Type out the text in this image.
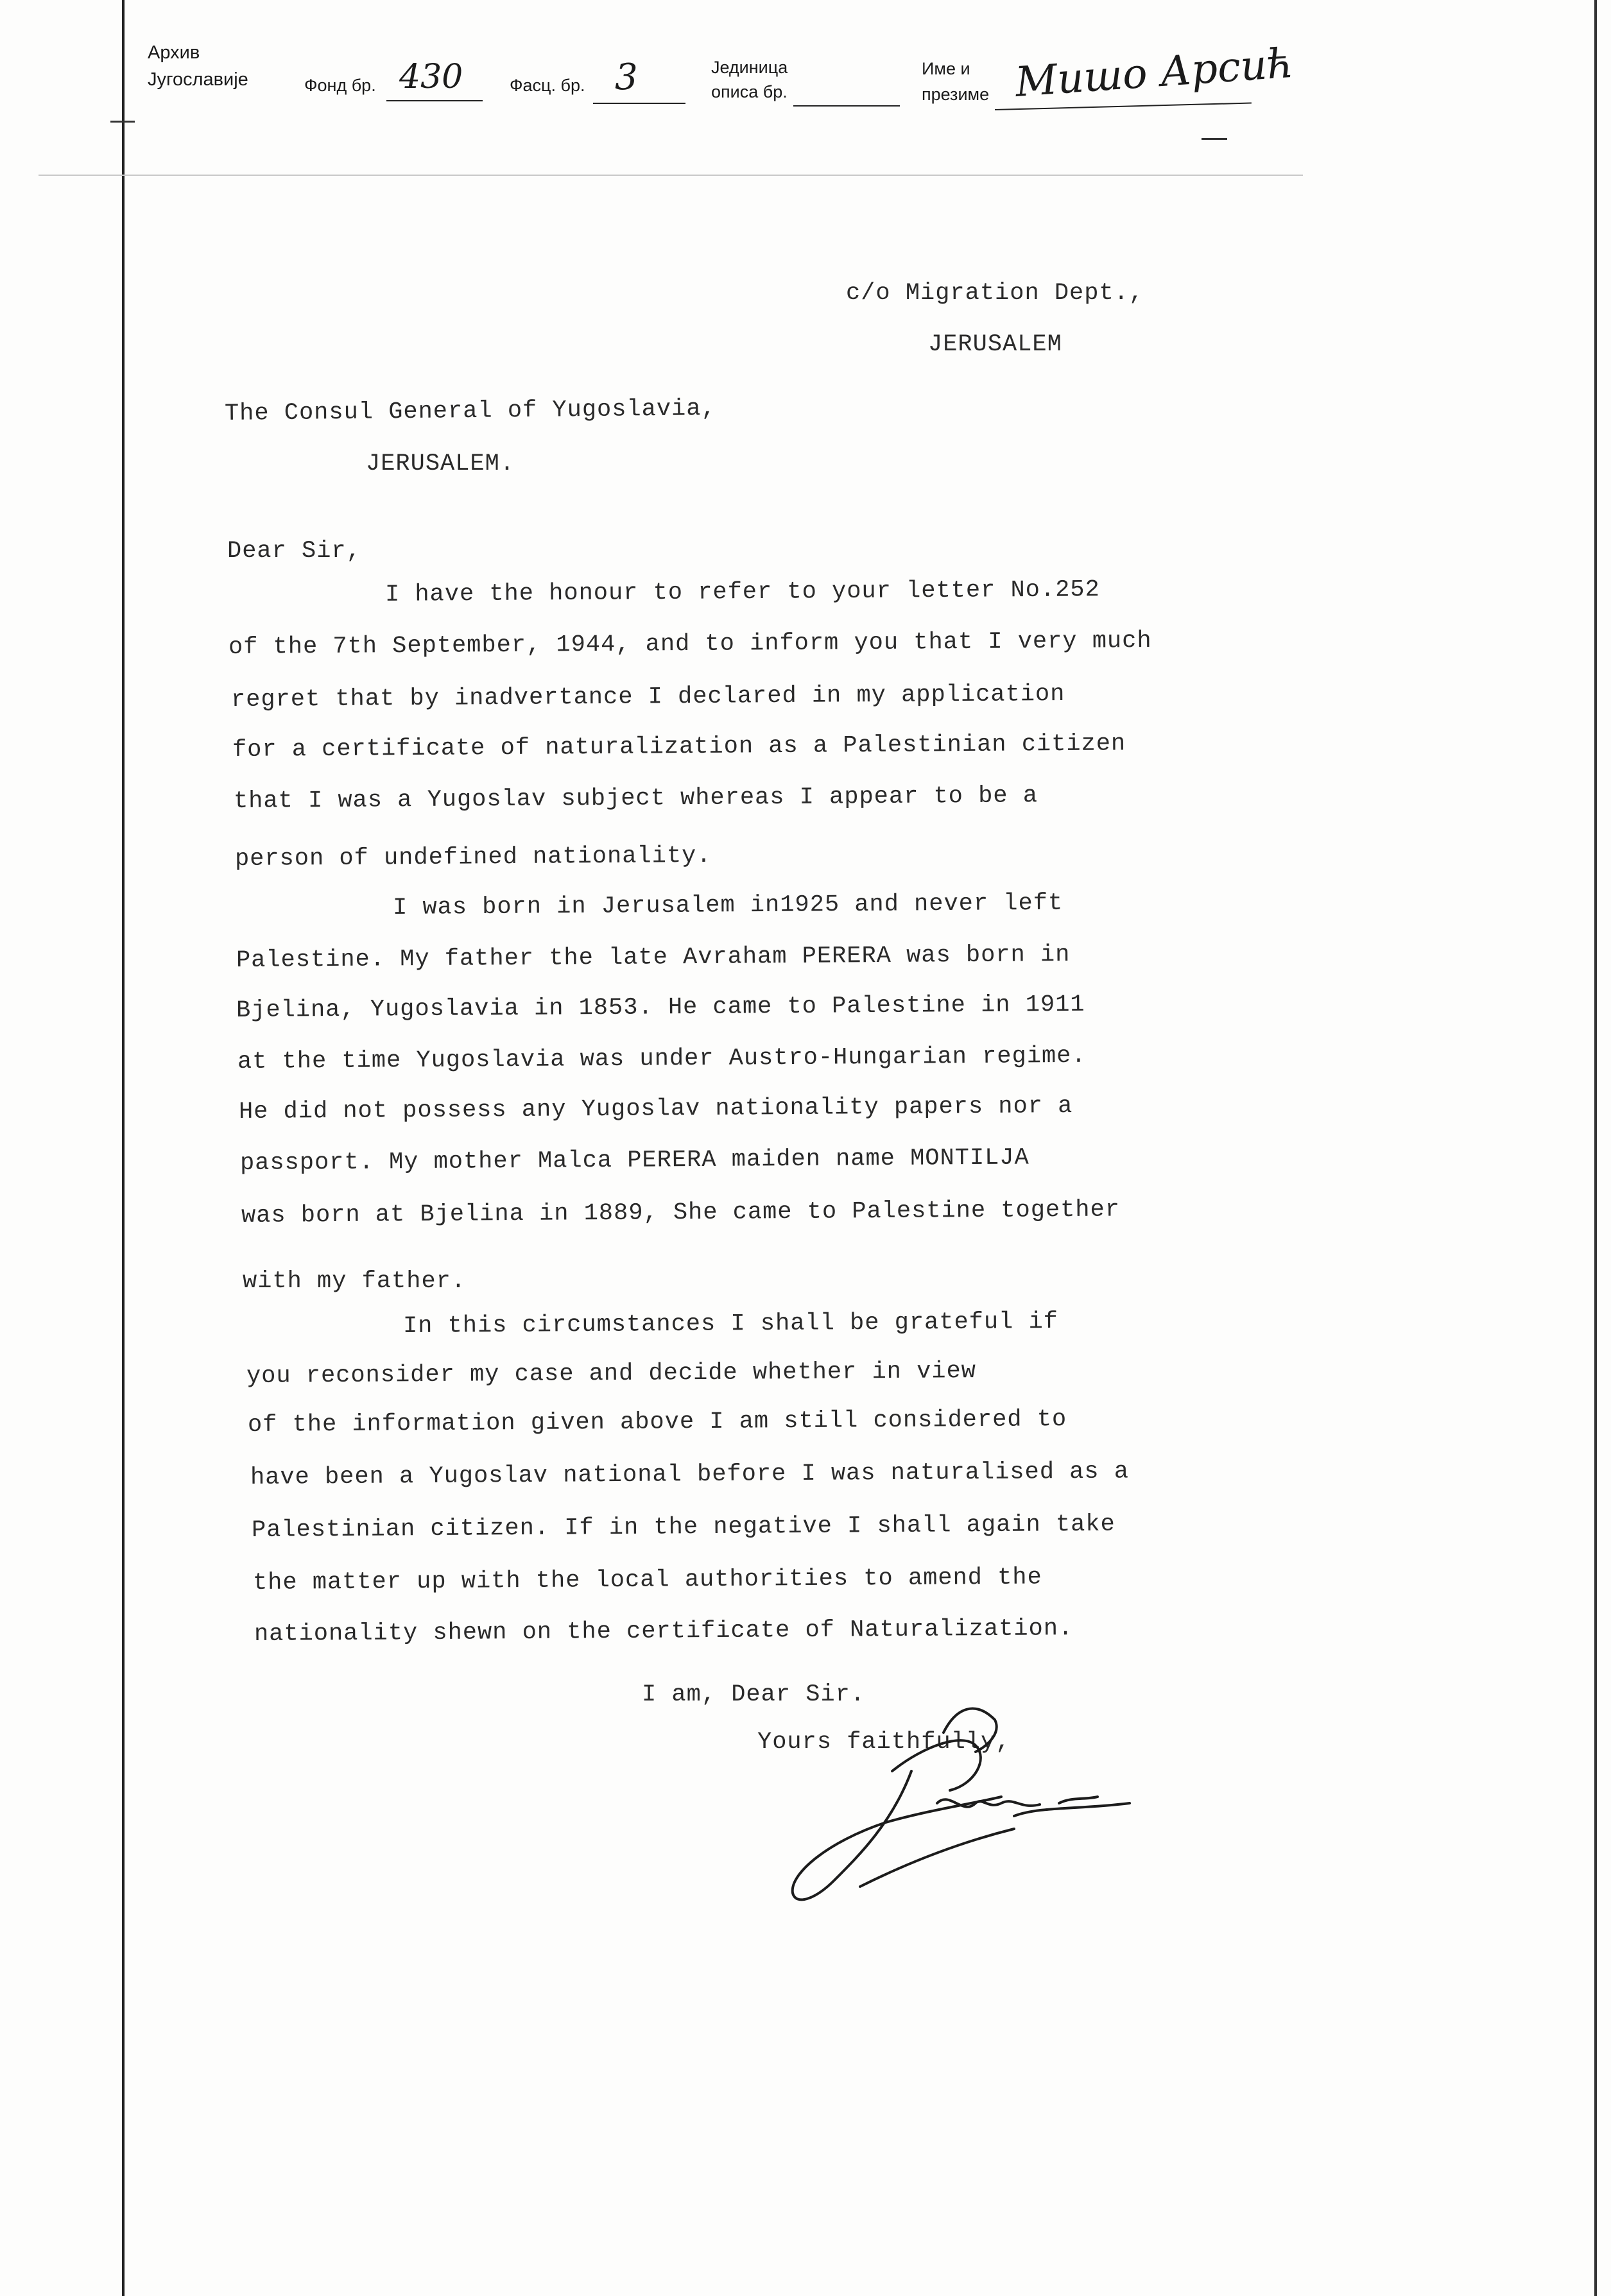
Архив
Југославије	Фонд бр. 430	Фасц. бр. 3	Јединица
описа бр.
Име и
презиме Мишо Арсић
c/o Migration Dept.,
JERUSALEM
The Consul General of Yugoslavia,
JERUSALEM.
Dear Sir,
I have the honour to refer to your letter No.252
of the 7th September, 1944, and to inform you that I very much
regret that by inadvertance I declared in my application
for a certificate of naturalization as a Palestinian citizen
that I was a Yugoslav subject whereas I appear to be a
person of undefined nationality.
I was born in Jerusalem in1925 and never left
Palestine. My father the late Avraham PERERA was born in
Bjelina, Yugoslavia in 1853. He came to Palestine in 1911
at the time Yugoslavia was under Austro-Hungarian regime.
He did not possess any Yugoslav nationality papers nor a
passport. My mother Malca PERERA maiden name MONTILJA
was born at Bjelina in 1889, She came to Palestine together
with my father.
In this circumstances I shall be grateful if
you reconsider my case and decide whether in view
of the information given above I am still considered to
have been a Yugoslav national before I was naturalised as a
Palestinian citizen. If in the negative I shall again take
the matter up with the local authorities to amend the
nationality shewn on the certificate of Naturalization.
I am, Dear Sir.
Yours faithfully,
